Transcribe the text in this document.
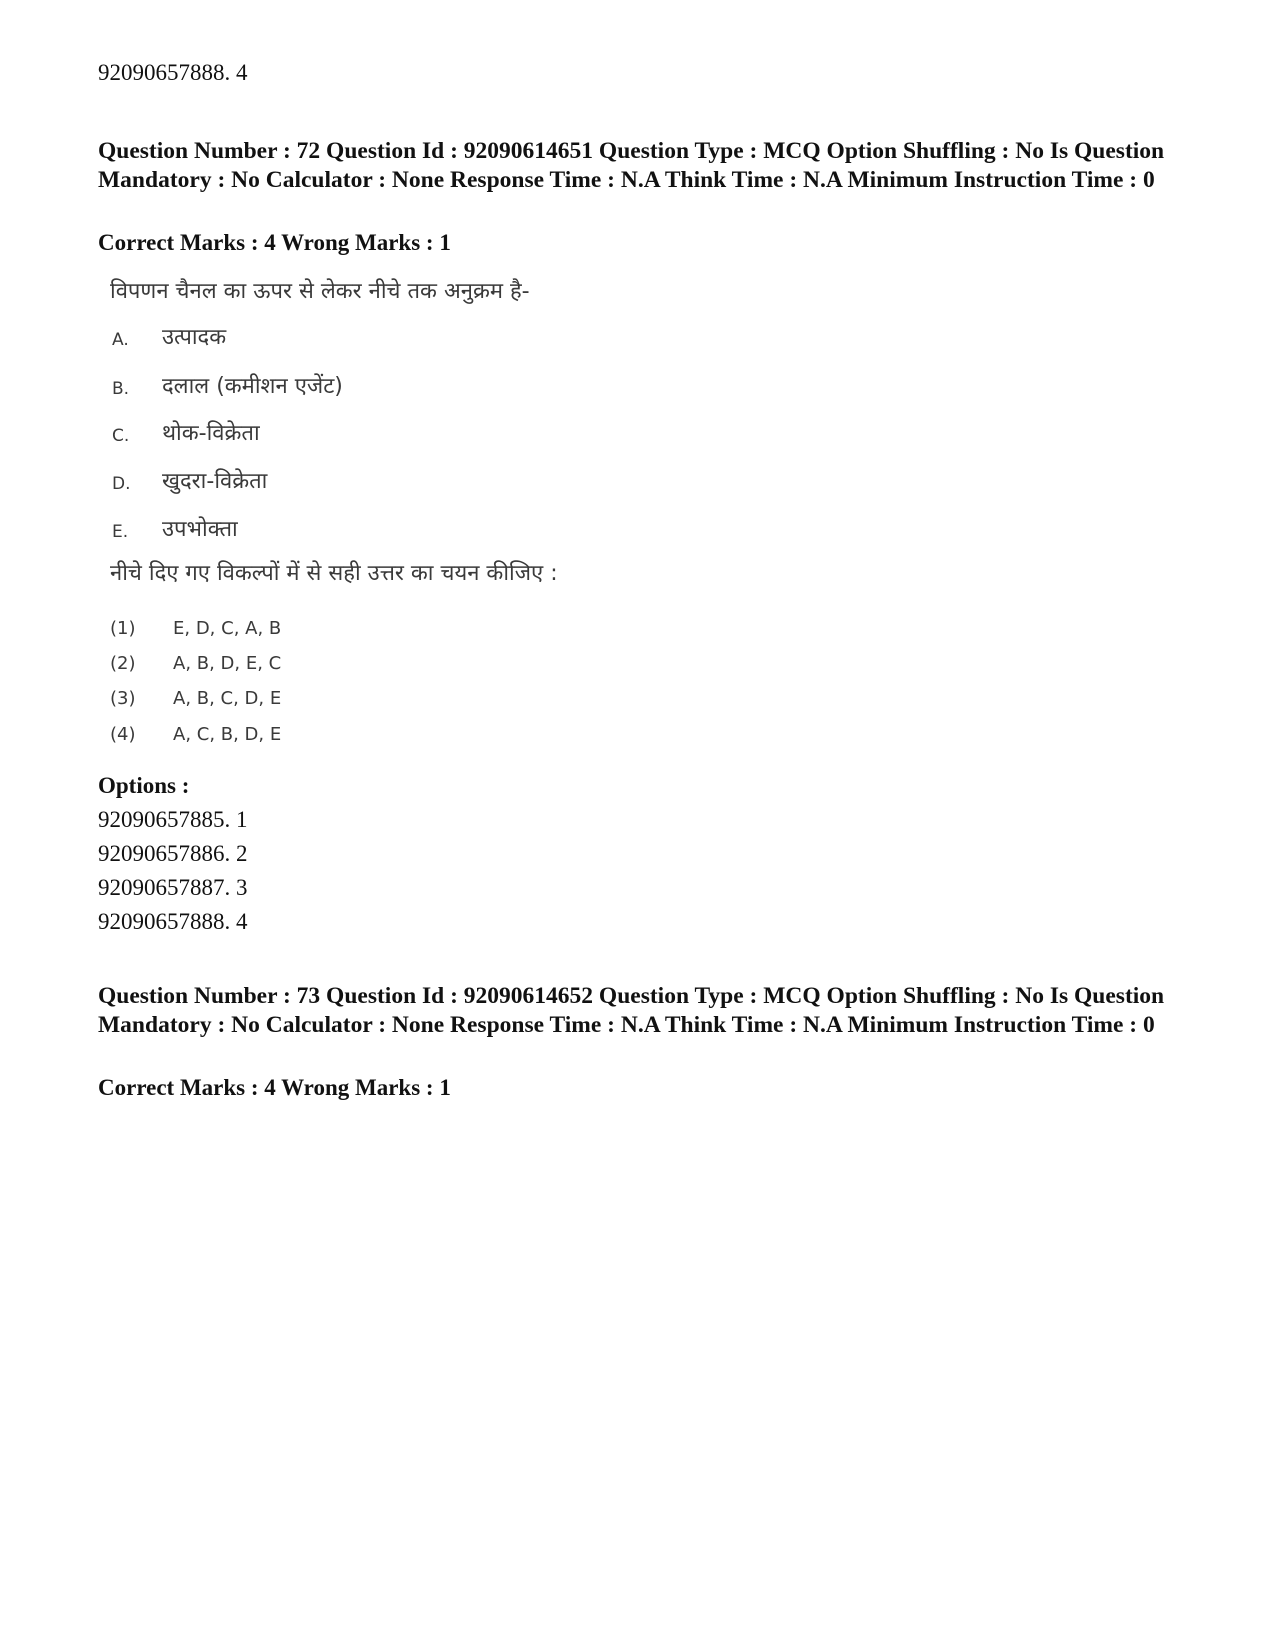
92090657888. 4
Question Number : 72 Question Id : 92090614651 Question Type : MCQ Option Shuffling : No Is Question Mandatory : No Calculator : None Response Time : N.A Think Time : N.A Minimum Instruction Time : 0
Correct Marks : 4 Wrong Marks : 1
विपणन चैनल का ऊपर से लेकर नीचे तक अनुक्रम है-
A. उत्पादक
B. दलाल (कमीशन एजेंट)
C. थोक-विक्रेता
D. खुदरा-विक्रेता
E. उपभोक्ता
नीचे दिए गए विकल्पों में से सही उत्तर का चयन कीजिए :
(1) E, D, C, A, B
(2) A, B, D, E, C
(3) A, B, C, D, E
(4) A, C, B, D, E
Options :
92090657885. 1
92090657886. 2
92090657887. 3
92090657888. 4
Question Number : 73 Question Id : 92090614652 Question Type : MCQ Option Shuffling : No Is Question Mandatory : No Calculator : None Response Time : N.A Think Time : N.A Minimum Instruction Time : 0
Correct Marks : 4 Wrong Marks : 1
